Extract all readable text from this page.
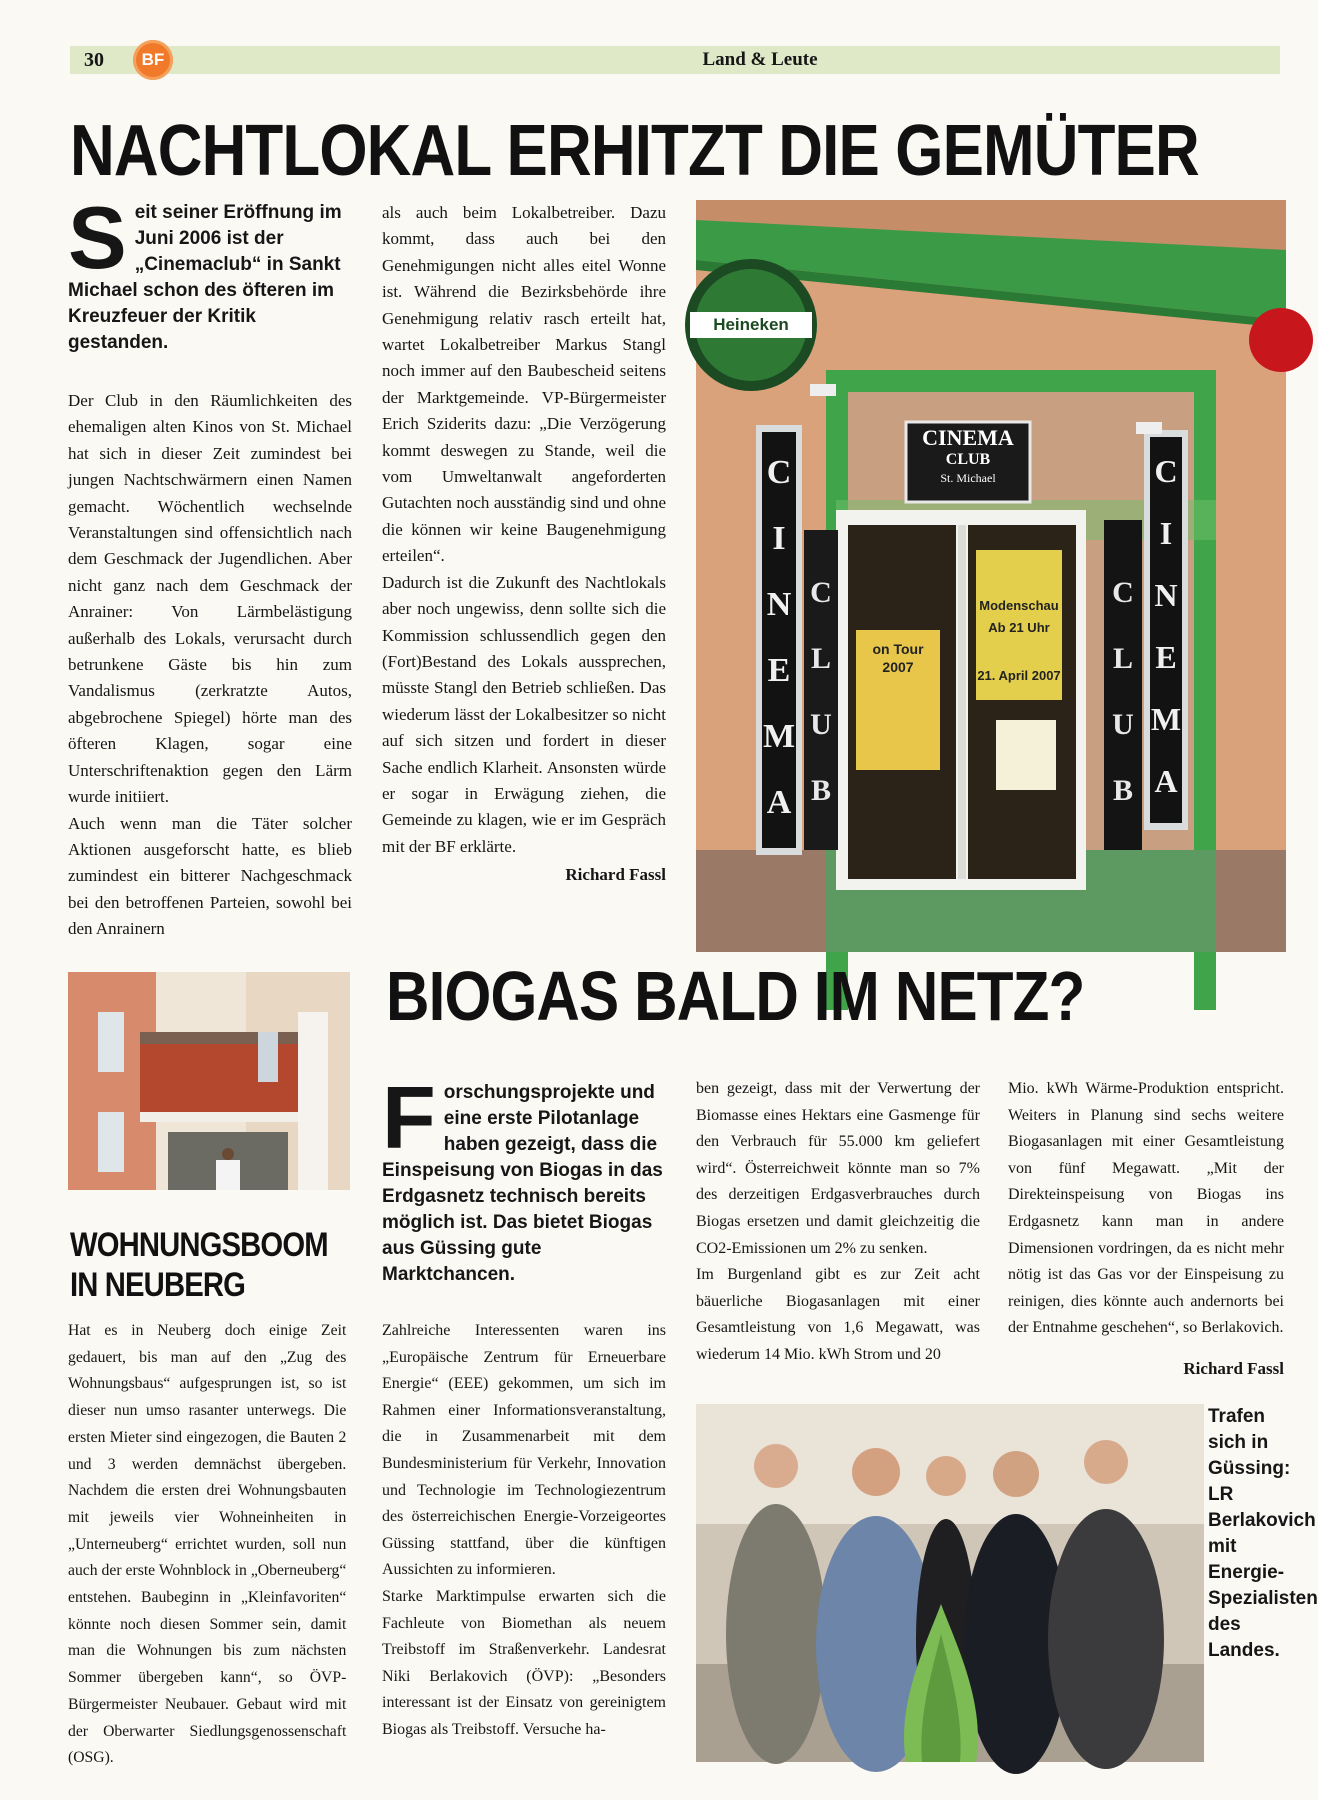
30	BF	Land & Leute
NACHTLOKAL ERHITZT DIE GEMÜTER
S eit seiner Eröffnung im Juni 2006 ist der „Cinemaclub“ in Sankt Michael schon des öfteren im Kreuzfeuer der Kritik gestanden.

Der Club in den Räumlichkeiten des ehemaligen alten Kinos von St. Michael hat sich in dieser Zeit zumindest bei jungen Nachtschwärmern einen Namen gemacht. Wöchentlich wechselnde Veranstaltungen sind offensichtlich nach dem Geschmack der Jugendlichen. Aber nicht ganz nach dem Geschmack der Anrainer: Von Lärmbelästigung außerhalb des Lokals, verursacht durch betrunkene Gäste bis hin zum Vandalismus (zerkratzte Autos, abgebrochene Spiegel) hörte man des öfteren Klagen, sogar eine Unterschriftenaktion gegen den Lärm wurde initiiert.

Auch wenn man die Täter solcher Aktionen ausgeforscht hatte, es blieb zumindest ein bitterer Nachgeschmack bei den betroffenen Parteien, sowohl bei den Anrainern

als auch beim Lokalbetreiber. Dazu kommt, dass auch bei den Genehmigungen nicht alles eitel Wonne ist. Während die Bezirksbehörde ihre Genehmigung relativ rasch erteilt hat, wartet Lokalbetreiber Markus Stangl noch immer auf den Baubescheid seitens der Marktgemeinde. VP-Bürgermeister Erich Sziderits dazu: „Die Verzögerung kommt deswegen zu Stande, weil die vom Umweltanwalt angeforderten Gutachten noch ausständig sind und ohne die können wir keine Baugenehmigung erteilen“.

Dadurch ist die Zukunft des Nachtlokals aber noch ungewiss, denn sollte sich die Kommission schlussendlich gegen den (Fort)Bestand des Lokals aussprechen, müsste Stangl den Betrieb schließen. Das wiederum lässt der Lokalbesitzer so nicht auf sich sitzen und fordert in dieser Sache endlich Klarheit. Ansonsten würde er sogar in Erwägung ziehen, die Gemeinde zu klagen, wie er im Gespräch mit der BF erklärte.

Richard Fassl
CINEMA
CLUB
St. Michael
Heineken
CINEMA
CINEMA
CLUB
CLUB
on Tour
2007
Modenschau
Ab 21 Uhr
21. April 2007
WOHNUNGSBOOM
IN NEUBERG

Hat es in Neuberg doch einige Zeit gedauert, bis man auf den „Zug des Wohnungsbaus“ aufgesprungen ist, so ist dieser nun umso rasanter unterwegs. Die ersten Mieter sind eingezogen, die Bauten 2 und 3 werden demnächst übergeben. Nachdem die ersten drei Wohnungsbauten mit jeweils vier Wohneinheiten in „Unterneuberg“ errichtet wurden, soll nun auch der erste Wohnblock in „Oberneuberg“ entstehen. Baubeginn in „Kleinfavoriten“ könnte noch diesen Sommer sein, damit man die Wohnungen bis zum nächsten Sommer übergeben kann“, so ÖVP-Bürgermeister Neubauer. Gebaut wird mit der Oberwarter Siedlungsgenossenschaft (OSG).

BIOGAS BALD IM NETZ?
F orschungsprojekte und eine erste Pilotanlage haben gezeigt, dass die Einspeisung von Biogas in das Erdgasnetz technisch bereits möglich ist. Das bietet Biogas aus Güssing gute Marktchancen.

Zahlreiche Interessenten waren ins „Europäische Zentrum für Erneuerbare Energie“ (EEE) gekommen, um sich im Rahmen einer Informationsveranstaltung, die in Zusammenarbeit mit dem Bundesministerium für Verkehr, Innovation und Technologie im Technologiezentrum des österreichischen Energie-Vorzeigeortes Güssing stattfand, über die künftigen Aussichten zu informieren.

Starke Marktimpulse erwarten sich die Fachleute von Biomethan als neuem Treibstoff im Straßenverkehr. Landesrat Niki Berlakovich (ÖVP): „Besonders interessant ist der Einsatz von gereinigtem Biogas als Treibstoff. Versuche ha-

ben gezeigt, dass mit der Verwertung der Biomasse eines Hektars eine Gasmenge für den Verbrauch für 55.000 km geliefert wird“. Österreichweit könnte man so 7% des derzeitigen Erdgasverbrauches durch Biogas ersetzen und damit gleichzeitig die CO2-Emissionen um 2% zu senken.

Im Burgenland gibt es zur Zeit acht bäuerliche Biogasanlagen mit einer Gesamtleistung von 1,6 Megawatt, was wiederum 14 Mio. kWh Strom und 20

Mio. kWh Wärme-Produktion entspricht. Weiters in Planung sind sechs weitere Biogasanlagen mit einer Gesamtleistung von fünf Megawatt. „Mit der Direkteinspeisung von Biogas ins Erdgasnetz kann man in andere Dimensionen vordringen, da es nicht mehr nötig ist das Gas vor der Einspeisung zu reinigen, dies könnte auch andernorts bei der Entnahme geschehen“, so Berlakovich.

Richard Fassl
Trafen sich in Güssing: LR Berlakovich mit Energie-Spezialisten des Landes.
